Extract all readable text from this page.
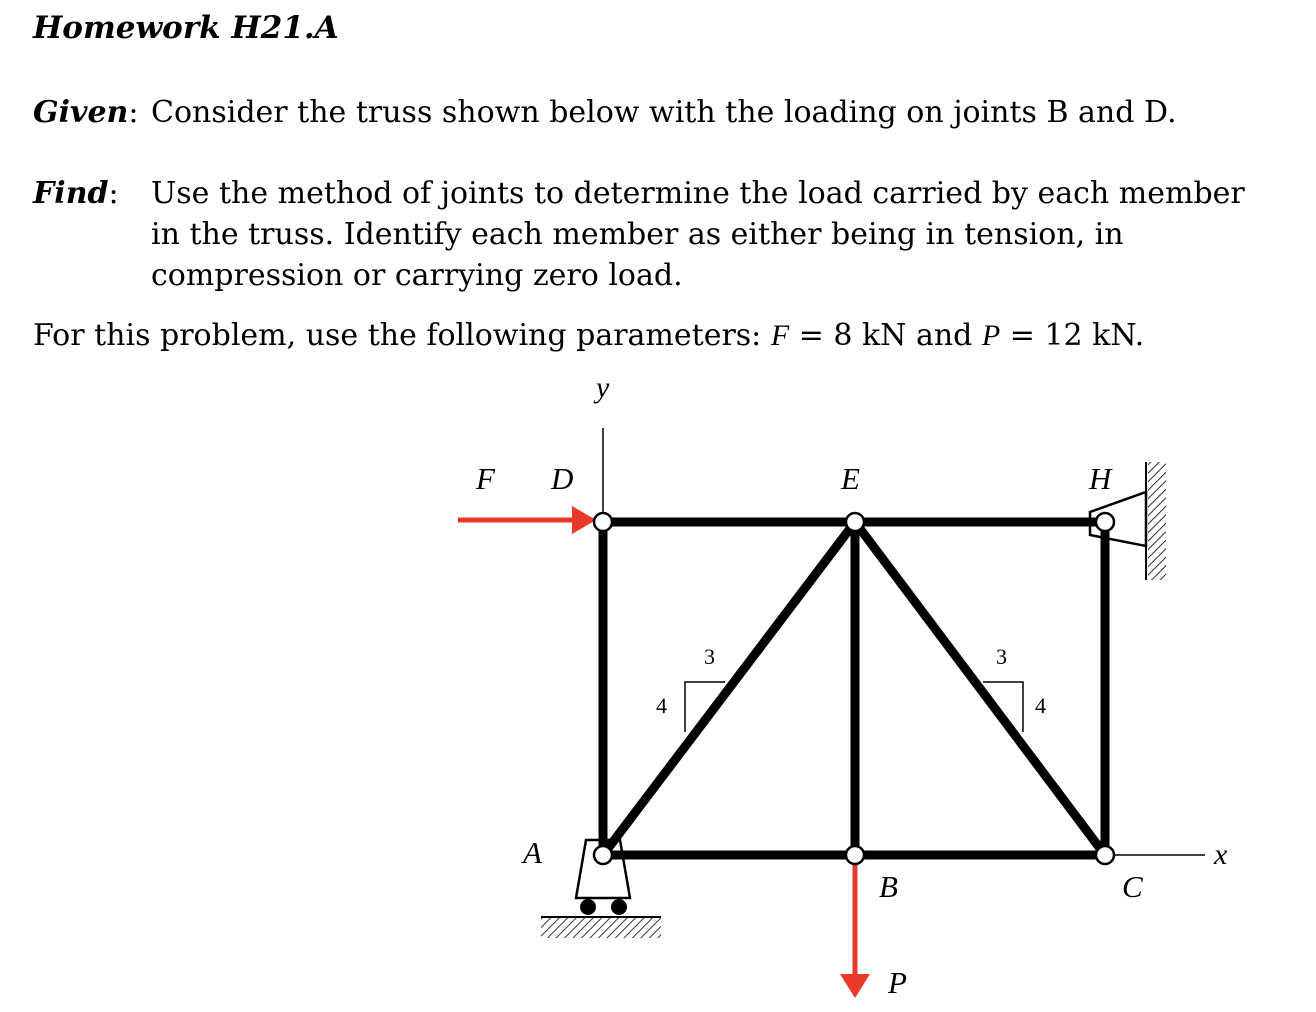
Homework H21.A
Given: Consider the truss shown below with the loading on joints B and D.
Find: Use the method of joints to determine the load carried by each member in the truss. Identify each member as either being in tension, in compression or carrying zero load.
For this problem, use the following parameters: F = 8 kN and P = 12 kN.
y
x
3
4
3
4
F D	E	H
A
B	C
P
